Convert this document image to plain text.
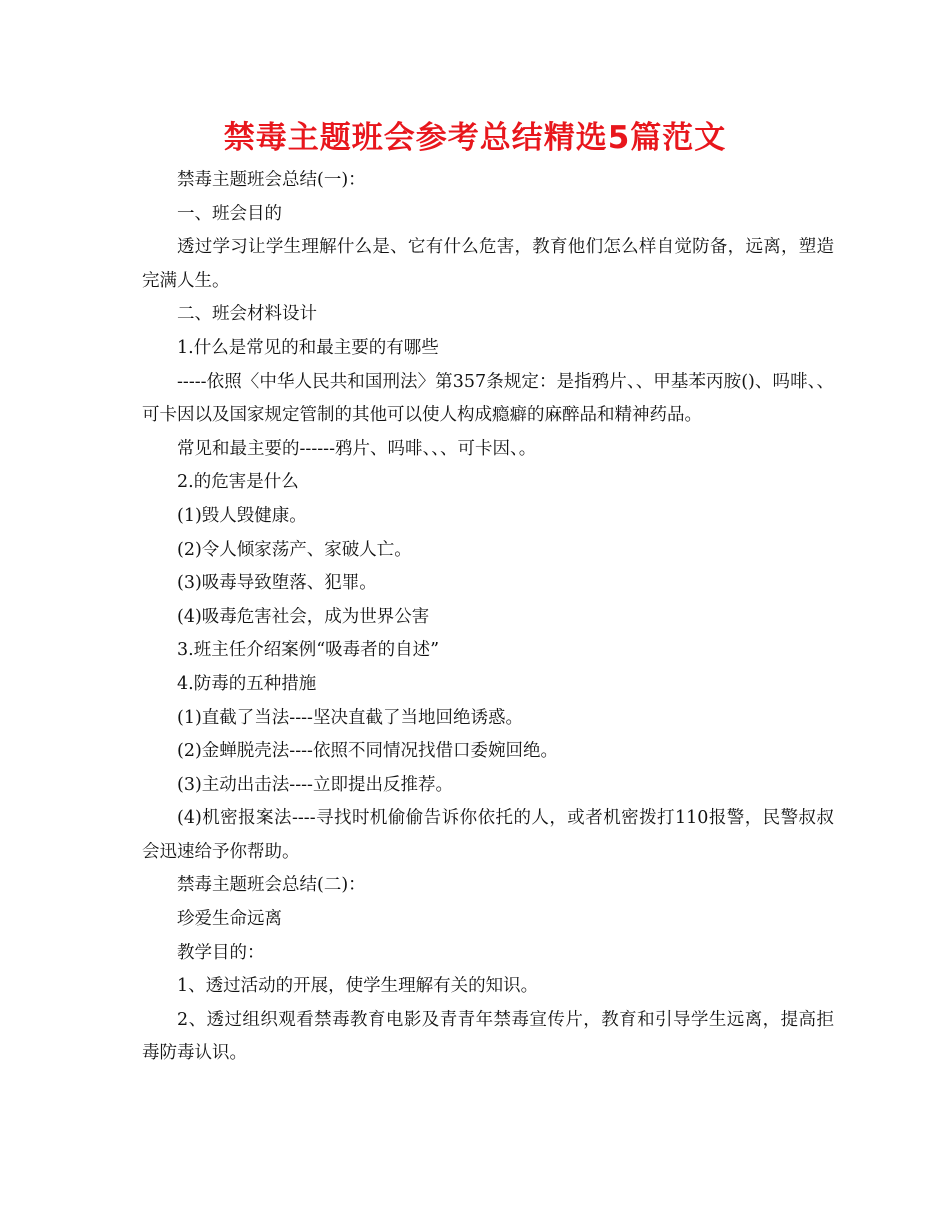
禁毒主题班会参考总结精选5篇范文

禁毒主题班会总结(一)：

一、班会目的

透过学习让学生理解什么是、它有什么危害，教育他们怎么样自觉防备，远离，塑造完满人生。

二、班会材料设计

1.什么是常见的和最主要的有哪些

-----依照〈中华人民共和国刑法〉第357条规定：是指鸦片、、甲基苯丙胺()、吗啡、、可卡因以及国家规定管制的其他可以使人构成瘾癖的麻醉品和精神药品。

常见和最主要的------鸦片、吗啡、、、可卡因、。

2.的危害是什么

(1)毁人毁健康。

(2)令人倾家荡产、家破人亡。

(3)吸毒导致堕落、犯罪。

(4)吸毒危害社会，成为世界公害

3.班主任介绍案例“吸毒者的自述”

4.防毒的五种措施

(1)直截了当法----坚决直截了当地回绝诱惑。

(2)金蝉脱壳法----依照不同情况找借口委婉回绝。

(3)主动出击法----立即提出反推荐。

(4)机密报案法----寻找时机偷偷告诉你依托的人，或者机密拨打110报警，民警叔叔会迅速给予你帮助。

禁毒主题班会总结(二)：

珍爱生命远离

教学目的：

1、透过活动的开展，使学生理解有关的知识。

2、透过组织观看禁毒教育电影及青青年禁毒宣传片，教育和引导学生远离，提高拒毒防毒认识。
